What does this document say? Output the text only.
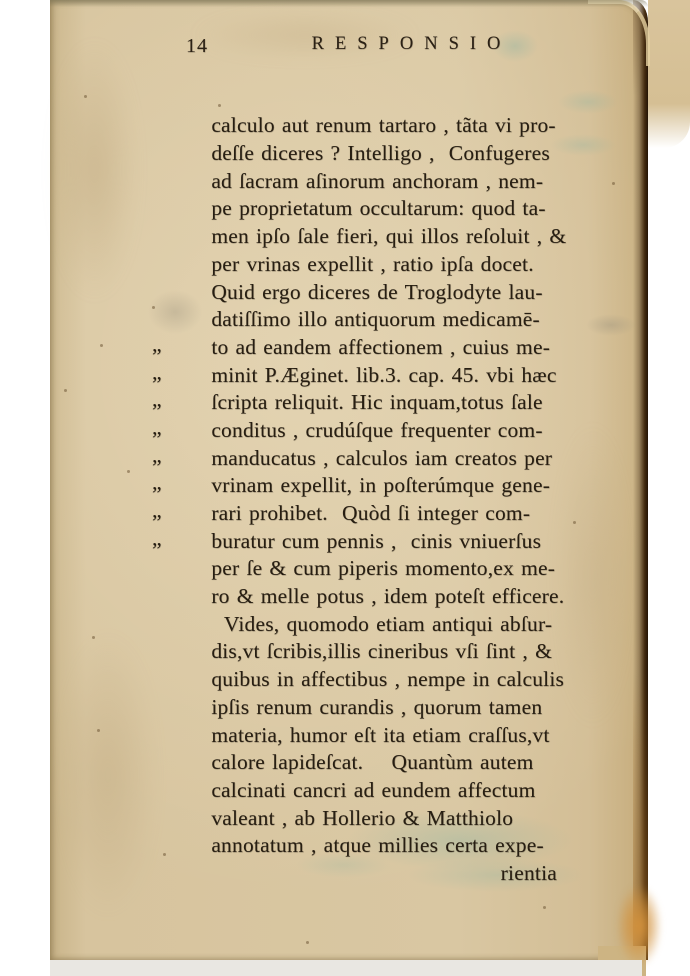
14	RESPONSIO

calculo aut renum tartaro , tãta vi pro-

deſſe diceres ? Intelligo ,  Confugeres

ad ſacram aſinorum anchoram , nem-

pe proprietatum occultarum: quod ta-

men ipſo ſale fieri, qui illos reſoluit , &

per vrinas expellit , ratio ipſa docet.

Quid ergo diceres de Troglodyte lau-

datiſſimo illo antiquorum medicamē-

to ad eandem affectionem , cuius me-

minit P.Æginet. lib.3. cap. 45. vbi hæc

„

ſcripta reliquit. Hic inquam,totus ſale

„

conditus , crudúſque frequenter com-

„

manducatus , calculos iam creatos per

„

vrinam expellit, in poſterúmque gene-

„

rari prohibet.  Quòd ſi integer com-

„

buratur cum pennis ,  cinis vniuerſus

„

per ſe & cum piperis momento,ex me-

„

ro & melle potus , idem poteſt efficere.

Vides, quomodo etiam antiqui abſur-

dis,vt ſcribis,illis cineribus vſi ſint , &

quibus in affectibus , nempe in calculis

ipſis renum curandis , quorum tamen

materia, humor eſt ita etiam craſſus,vt

calore lapideſcat.    Quantùm autem

calcinati cancri ad eundem affectum

valeant , ab Hollerio & Matthiolo

annotatum , atque millies certa expe-

rientia
